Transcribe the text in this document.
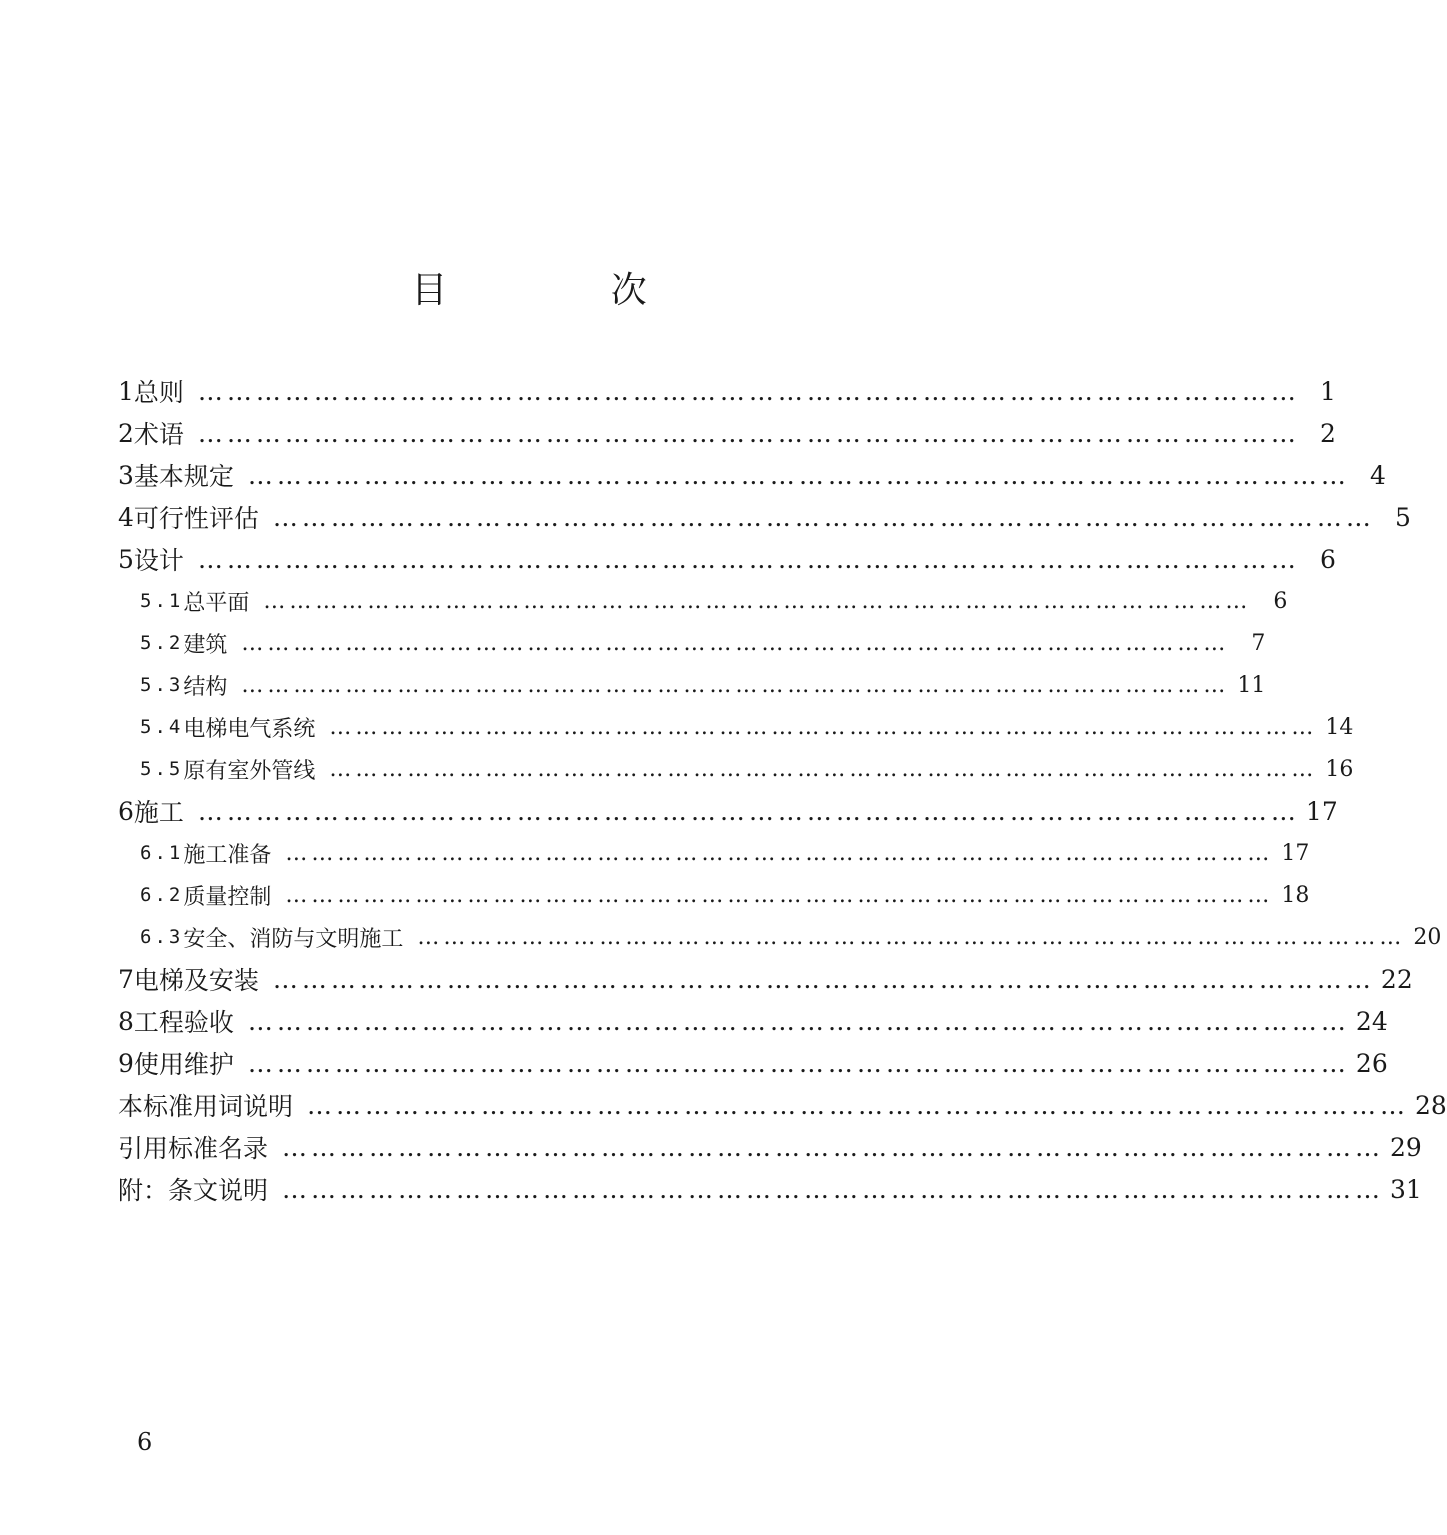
目 次
1 总则 …………………………………………………………………………………………………… 1
2 术语 …………………………………………………………………………………………………… 2
3 基本规定 …………………………………………………………………………………………………… 4
4 可行性评估 …………………………………………………………………………………………………… 5
5 设计 …………………………………………………………………………………………………… 6
5.1 总平面 ……………………………………………………………………………………………………	6
5.2 建筑 ……………………………………………………………………………………………………	7
5.3 结构 …………………………………………………………………………………………………… 11
5.4 电梯电气系统 …………………………………………………………………………………………………… 14
5.5 原有室外管线 …………………………………………………………………………………………………… 16
6 施工 …………………………………………………………………………………………………… 17
6.1 施工准备 …………………………………………………………………………………………………… 17
6.2 质量控制 …………………………………………………………………………………………………… 18
6.3 安全、消防与文明施工 …………………………………………………………………………………………………… 20
7 电梯及安装 …………………………………………………………………………………………………… 22
8 工程验收 …………………………………………………………………………………………………… 24
9 使用维护 …………………………………………………………………………………………………… 26
本标准用词说明 …………………………………………………………………………………………………… 28
引用标准名录 …………………………………………………………………………………………………… 29
附：条文说明 …………………………………………………………………………………………………… 31
6
